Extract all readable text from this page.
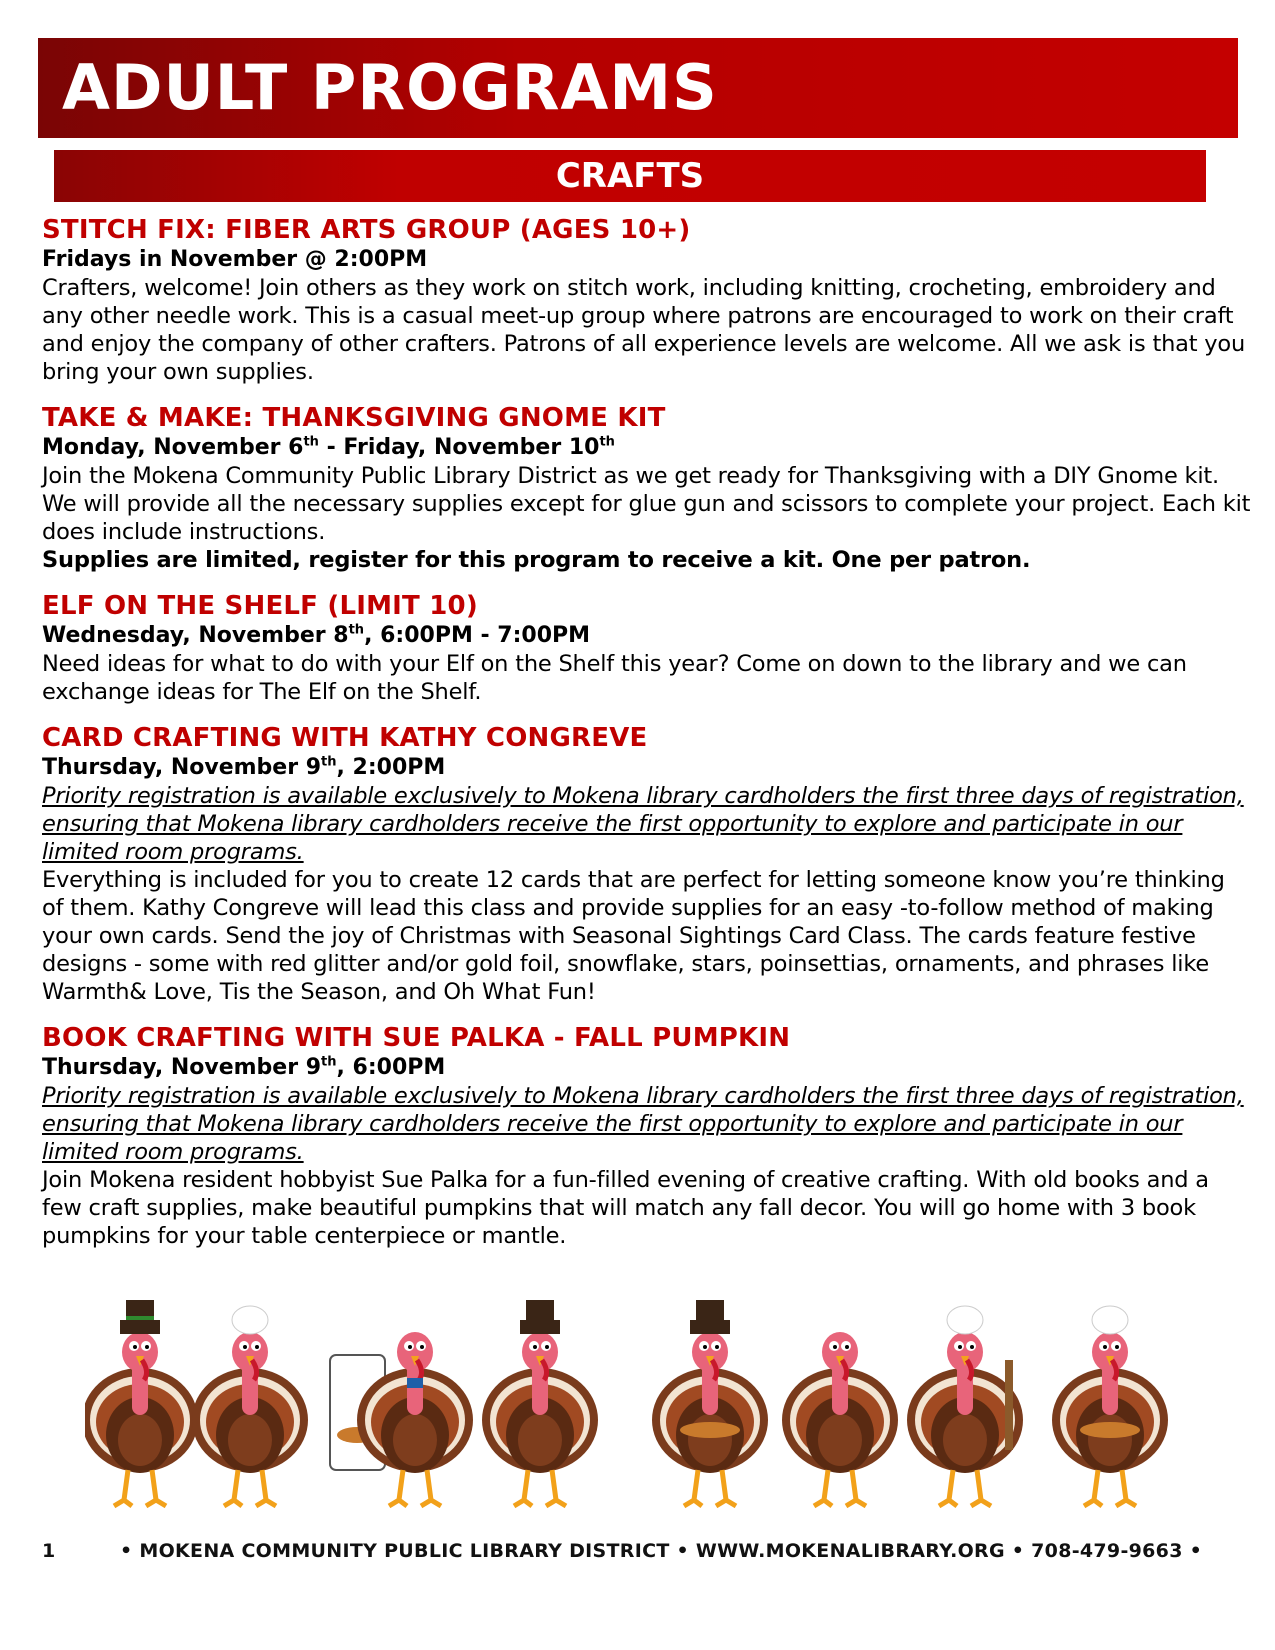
ADULT PROGRAMS
CRAFTS
STITCH FIX: FIBER ARTS GROUP (AGES 10+)
Fridays in November @ 2:00PM

Crafters, welcome! Join others as they work on stitch work, including knitting, crocheting, embroidery and any other needle work. This is a casual meet-up group where patrons are encouraged to work on their craft and enjoy the company of other crafters. Patrons of all experience levels are welcome. All we ask is that you bring your own supplies.

TAKE & MAKE: THANKSGIVING GNOME KIT
Monday, November 6th - Friday, November 10th

Join the Mokena Community Public Library District as we get ready for Thanksgiving with a DIY Gnome kit. We will provide all the necessary supplies except for glue gun and scissors to complete your project. Each kit does include instructions.

Supplies are limited, register for this program to receive a kit. One per patron.

ELF ON THE SHELF (LIMIT 10)
Wednesday, November 8th, 6:00PM - 7:00PM

Need ideas for what to do with your Elf on the Shelf this year? Come on down to the library and we can exchange ideas for The Elf on the Shelf.

CARD CRAFTING WITH KATHY CONGREVE
Thursday, November 9th, 2:00PM

Priority registration is available exclusively to Mokena library cardholders the first three days of registration, ensuring that Mokena library cardholders receive the first opportunity to explore and participate in our limited room programs.

Everything is included for you to create 12 cards that are perfect for letting someone know you’re thinking of them. Kathy Congreve will lead this class and provide supplies for an easy -to-follow method of making your own cards. Send the joy of Christmas with Seasonal Sightings Card Class. The cards feature festive designs - some with red glitter and/or gold foil, snowflake, stars, poinsettias, ornaments, and phrases like Warmth& Love, Tis the Season, and Oh What Fun!

BOOK CRAFTING WITH SUE PALKA - FALL PUMPKIN
Thursday, November 9th, 6:00PM

Priority registration is available exclusively to Mokena library cardholders the first three days of registration, ensuring that Mokena library cardholders receive the first opportunity to explore and participate in our limited room programs.

Join Mokena resident hobbyist Sue Palka for a fun-filled evening of creative crafting. With old books and a few craft supplies, make beautiful pumpkins that will match any fall decor. You will go home with 3 book pumpkins for your table centerpiece or mantle.

1	• MOKENA COMMUNITY PUBLIC LIBRARY DISTRICT • WWW.MOKENALIBRARY.ORG • 708-479-9663 •
